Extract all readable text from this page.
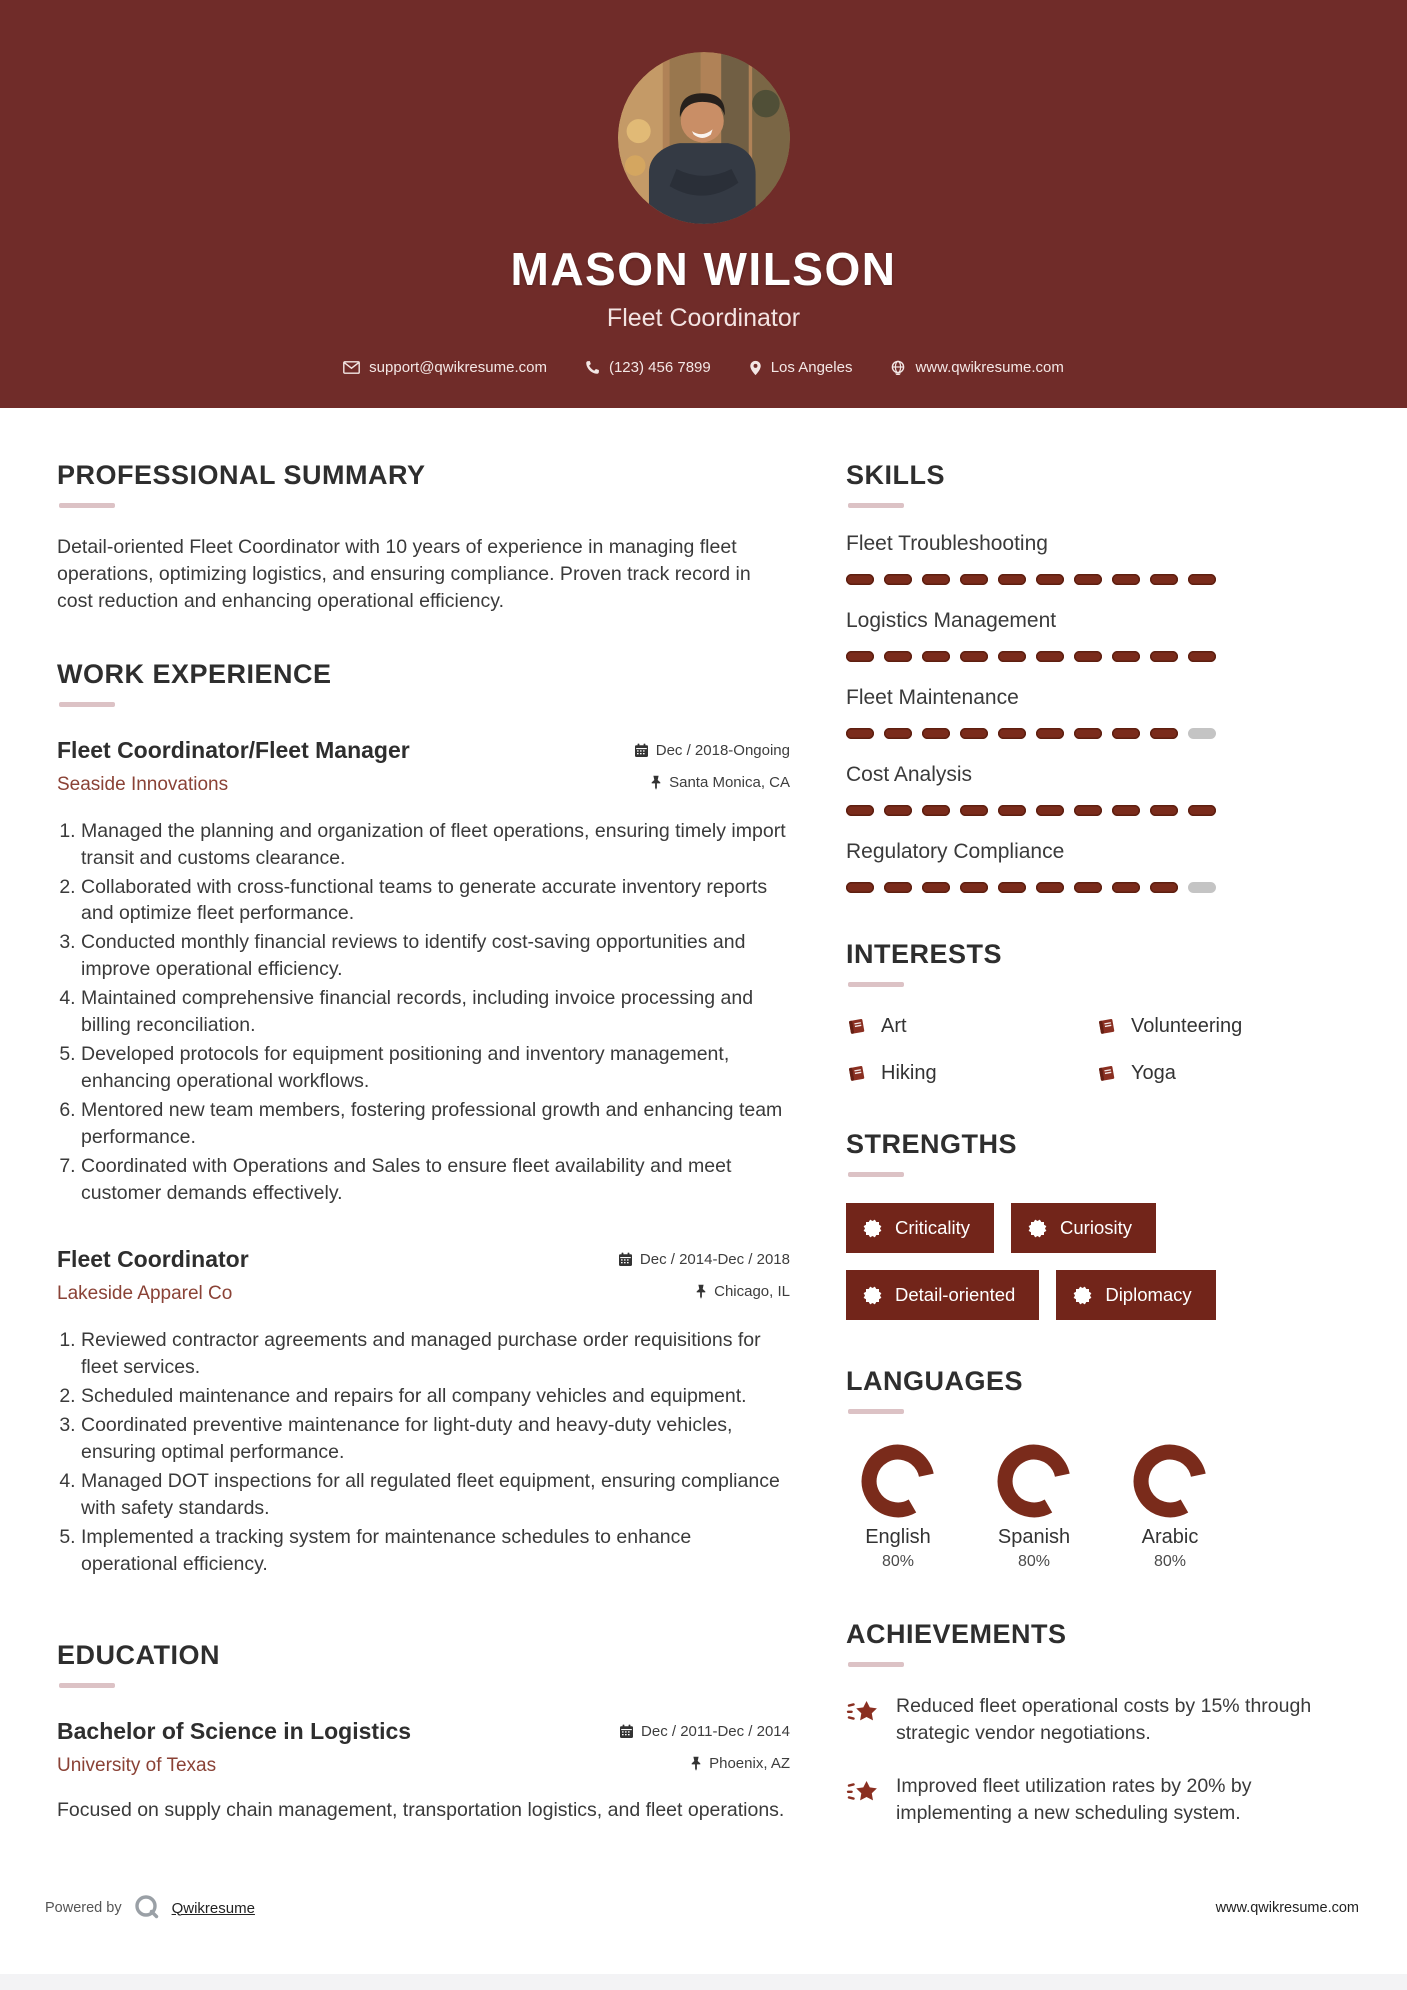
MASON WILSON
Fleet Coordinator
support@qwikresume.com	(123) 456 7899	Los Angeles	www.qwikresume.com
PROFESSIONAL SUMMARY

Detail-oriented Fleet Coordinator with 10 years of experience in managing fleet operations, optimizing logistics, and ensuring compliance. Proven track record in cost reduction and enhancing operational efficiency.

WORK EXPERIENCE
Fleet Coordinator/Fleet Manager	Dec / 2018-Ongoing
Seaside Innovations	Santa Monica, CA
1. Managed the planning and organization of fleet operations, ensuring timely import transit and customs clearance.
2. Collaborated with cross-functional teams to generate accurate inventory reports and optimize fleet performance.
3. Conducted monthly financial reviews to identify cost-saving opportunities and improve operational efficiency.
4. Maintained comprehensive financial records, including invoice processing and billing reconciliation.
5. Developed protocols for equipment positioning and inventory management, enhancing operational workflows.
6. Mentored new team members, fostering professional growth and enhancing team performance.
7. Coordinated with Operations and Sales to ensure fleet availability and meet customer demands effectively.
Fleet Coordinator	Dec / 2014-Dec / 2018
Lakeside Apparel Co	Chicago, IL
1. Reviewed contractor agreements and managed purchase order requisitions for fleet services.
2. Scheduled maintenance and repairs for all company vehicles and equipment.
3. Coordinated preventive maintenance for light-duty and heavy-duty vehicles, ensuring optimal performance.
4. Managed DOT inspections for all regulated fleet equipment, ensuring compliance with safety standards.
5. Implemented a tracking system for maintenance schedules to enhance operational efficiency.
EDUCATION
Bachelor of Science in Logistics	Dec / 2011-Dec / 2014
University of Texas	Phoenix, AZ

Focused on supply chain management, transportation logistics, and fleet operations.

SKILLS
Fleet Troubleshooting
Logistics Management
Fleet Maintenance
Cost Analysis
Regulatory Compliance
INTERESTS
Art	Volunteering
Hiking	Yoga
STRENGTHS
Criticality	Curiosity
Detail-oriented	Diplomacy
LANGUAGES
English
80%
Spanish
80%
Arabic
80%
ACHIEVEMENTS
Reduced fleet operational costs by 15% through strategic vendor negotiations.
Improved fleet utilization rates by 20% by implementing a new scheduling system.
Powered by	Qwikresume	www.qwikresume.com
